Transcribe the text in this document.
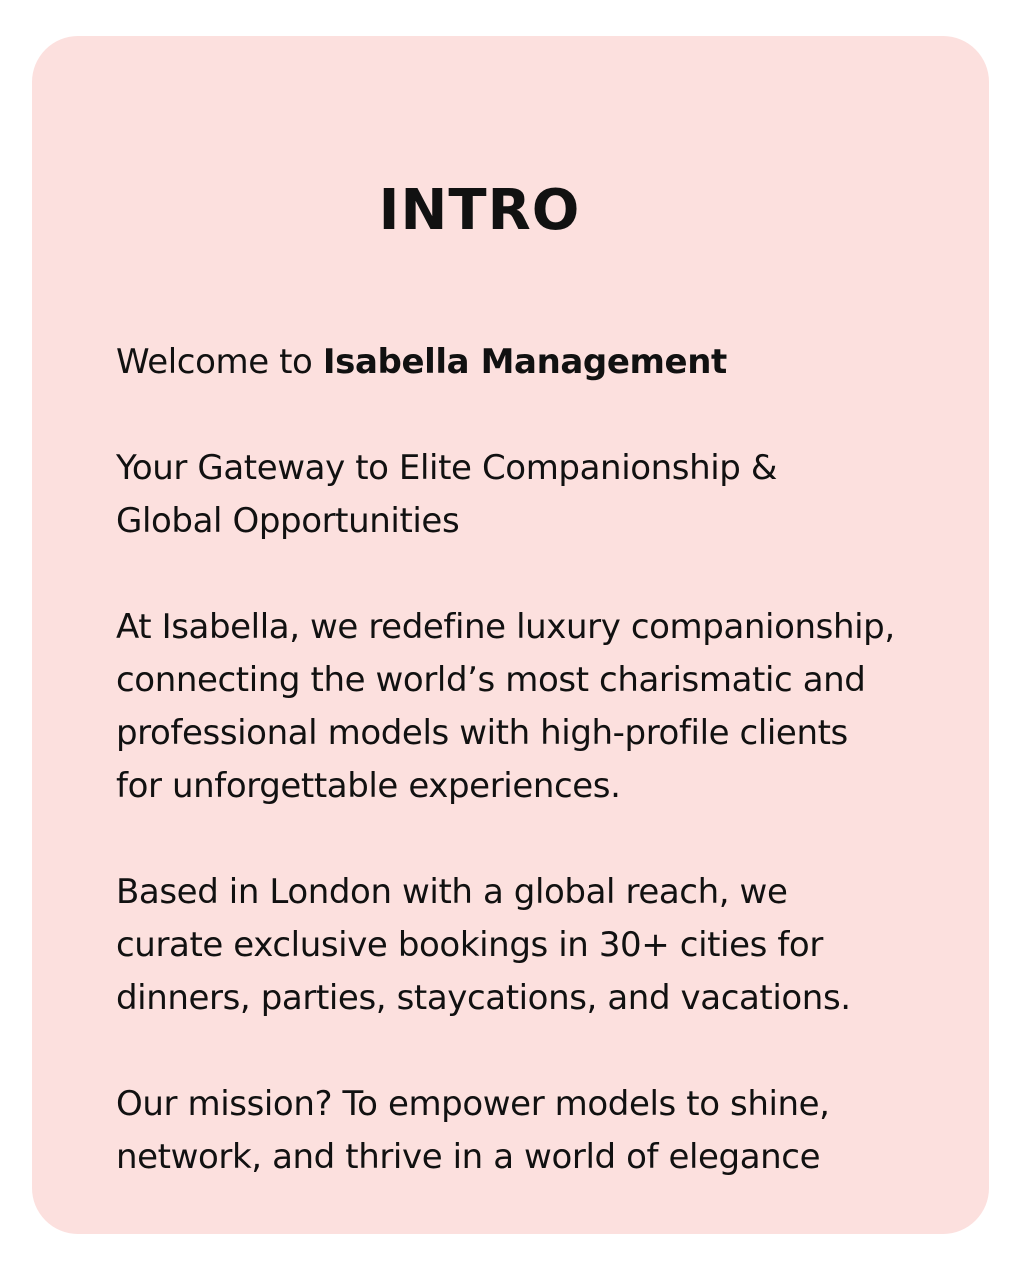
INTRO

Welcome to Isabella Management

Your Gateway to Elite Companionship &
Global Opportunities

At Isabella, we redefine luxury companionship,
connecting the world’s most charismatic and
professional models with high-profile clients
for unforgettable experiences.

Based in London with a global reach, we
curate exclusive bookings in 30+ cities for
dinners, parties, staycations, and vacations.

Our mission? To empower models to shine,
network, and thrive in a world of elegance
